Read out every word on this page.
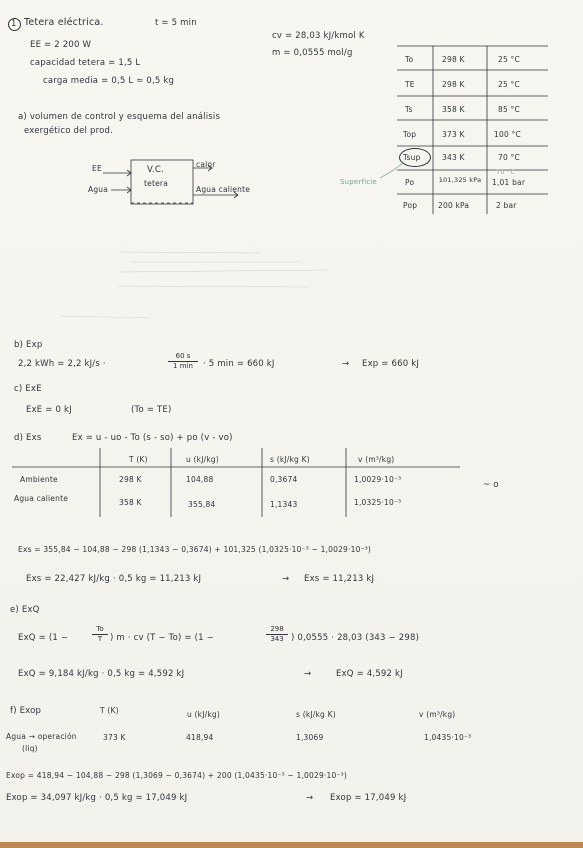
1 Tetera eléctrica.	t = 5 min
EE = 2 200 W
capacidad tetera = 1,5 L
carga media = 0,5 L ≃ 0,5 kg
cv = 28,03 kJ/kmol K
m = 0,0555 mol/g
To	298 K	25 °C
TE	298 K	25 °C
Ts	358 K	85 °C
Top	373 K	100 °C
Tsup	343 K	70 °C
70 °C
Po	101,325 kPa	1,01 bar
Pop	200 kPa	2 bar
Superficie
a) volumen de control y esquema del análisis
exergético del prod.
EE
Agua
V.C.
tetera
calor
Agua caliente
b) Exp
2,2 kWh = 2,2 kJ/s ·
60 s
1 min	· 5 min = 660 kJ	→ Exp = 660 kJ
c) ExE
ExE = 0 kJ	(To = TE)
d) Exs	Ex = u - uo - To (s - so) + po (v - vo)
T (K)	u (kJ/kg)	s (kJ/kg K)	v (m³/kg)
Ambiente	298 K	104,88	0,3674	1,0029·10⁻³
Agua caliente	358 K	355,84	1,1343	1,0325·10⁻³
~ o
Exs = 355,84 − 104,88 − 298 (1,1343 − 0,3674) + 101,325 (1,0325·10⁻³ − 1,0029·10⁻³)
Exs = 22,427 kJ/kg · 0,5 kg = 11,213 kJ	→ Exs = 11,213 kJ
e) ExQ
ExQ = (1 −	$\frac{To}{T}$ ) m · cv (T − To) = (1 −	$\frac{298}{343}$ ) 0,0555 · 28,03 (343 − 298)
ExQ = 9,184 kJ/kg · 0,5 kg = 4,592 kJ	→	ExQ = 4,592 kJ
f) Exop	T (K)	u (kJ/kg)	s (kJ/kg K)	v (m³/kg)
Agua → operación
(liq)
373 K	418,94	1,3069	1,0435·10⁻³
Exop = 418,94 − 104,88 − 298 (1,3069 − 0,3674) + 200 (1,0435·10⁻³ − 1,0029·10⁻³)
Exop = 34,097 kJ/kg · 0,5 kg = 17,049 kJ	→ Exop = 17,049 kJ
